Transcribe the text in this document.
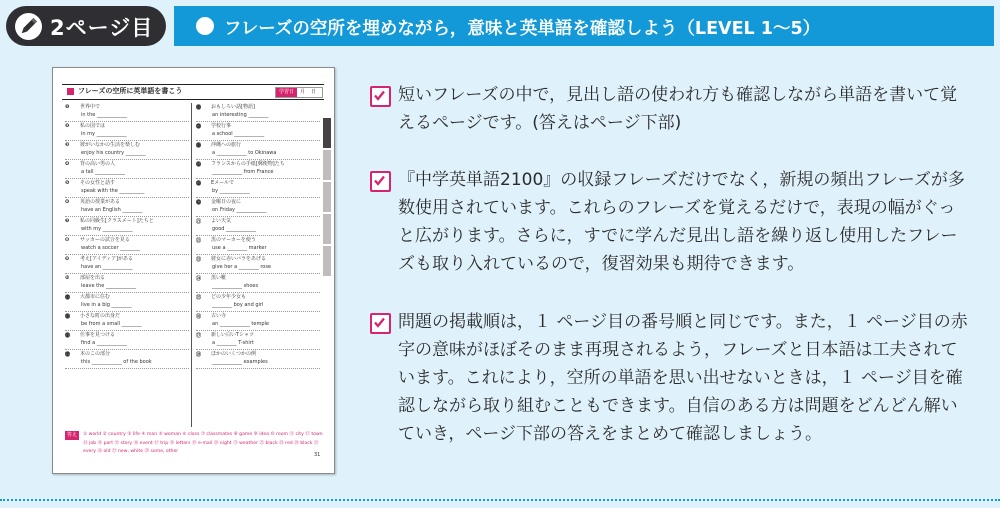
2ページ目	フレーズの空所を埋めながら，意味と英単語を確認しよう（LEVEL 1〜5）
フレーズの空所に英単語を書こう	学習日 月 日
❶ 世界中で
in the ____________
❷ 私の国では
in my ____________
❸ 彼がいなかの生活を楽しむ
enjoy his country ________
❹ 背の高い男の人
a tall ____________
❺ その女性と話す
speak with the __________
❻ 英語の授業がある
have an English ________
❼ 私の同級生[クラスメート]たちと
with my ____________
❽ サッカーの試合を見る
watch a soccer ________
❾ 考え[アイディア]がある
have an ____________
❿ 部屋を出る
leave the ____________
⓫ 大都市に住む
live in a big ________
⓬ 小さな町の出身だ
be from a small ________
⓭ 仕事を見つける
find a ____________
⓮ 本のこの部分
this ____________ of the book
⓯ おもしろい話[物語]
an interesting ________
⓰ 学校行事
a school ____________
⓱ 沖縄への旅行
a ____________ to Okinawa
⓲ フランスからの手紙[郵便物]たち
____________ from France
⓳ Eメールで
by ____________
⓴ 金曜日の夜に
on Friday ____________
㉑ よい天気
good ____________
㉒ 黒のマーカーを使う
use a ________ marker
㉓ 彼女に赤いバラをあげる
give her a ________ rose
㉔ 黒い靴
____________ shoes
㉕ どの少年少女も
________ boy and girl
㉖ 古い寺
an ____________ temple
㉗ 新しい白いTシャツ
a ________ T-shirt
㉘ ほかのいくつかの例
____________ examples
答え	① world ② country ③ life ④ man ⑤ woman ⑥ class ⑦ classmates ⑧ game ⑨ idea ⑩ room ⑪ city ⑫ town ⑬ job ⑭ part ⑮ story ⑯ event ⑰ trip ⑱ letters ⑲ e-mail ⑳ night ㉑ weather ㉒ black ㉓ red ㉔ black ㉕ every ㉖ old ㉗ new, white ㉘ some, other
31
短いフレーズの中で，見出し語の使われ方も確認しながら単語を書いて覚えるページです。(答えはページ下部)
『中学英単語2100』の収録フレーズだけでなく，新規の頻出フレーズが多数使用されています。これらのフレーズを覚えるだけで，表現の幅がぐっと広がります。さらに，すでに学んだ見出し語を繰り返し使用したフレーズも取り入れているので，復習効果も期待できます。
問題の掲載順は，１ ページ目の番号順と同じです。また，１ ページ目の赤字の意味がほぼそのまま再現されるよう，フレーズと日本語は工夫されています。これにより，空所の単語を思い出せないときは，１ ページ目を確認しながら取り組むこともできます。自信のある方は問題をどんどん解いていき，ページ下部の答えをまとめて確認しましょう。
